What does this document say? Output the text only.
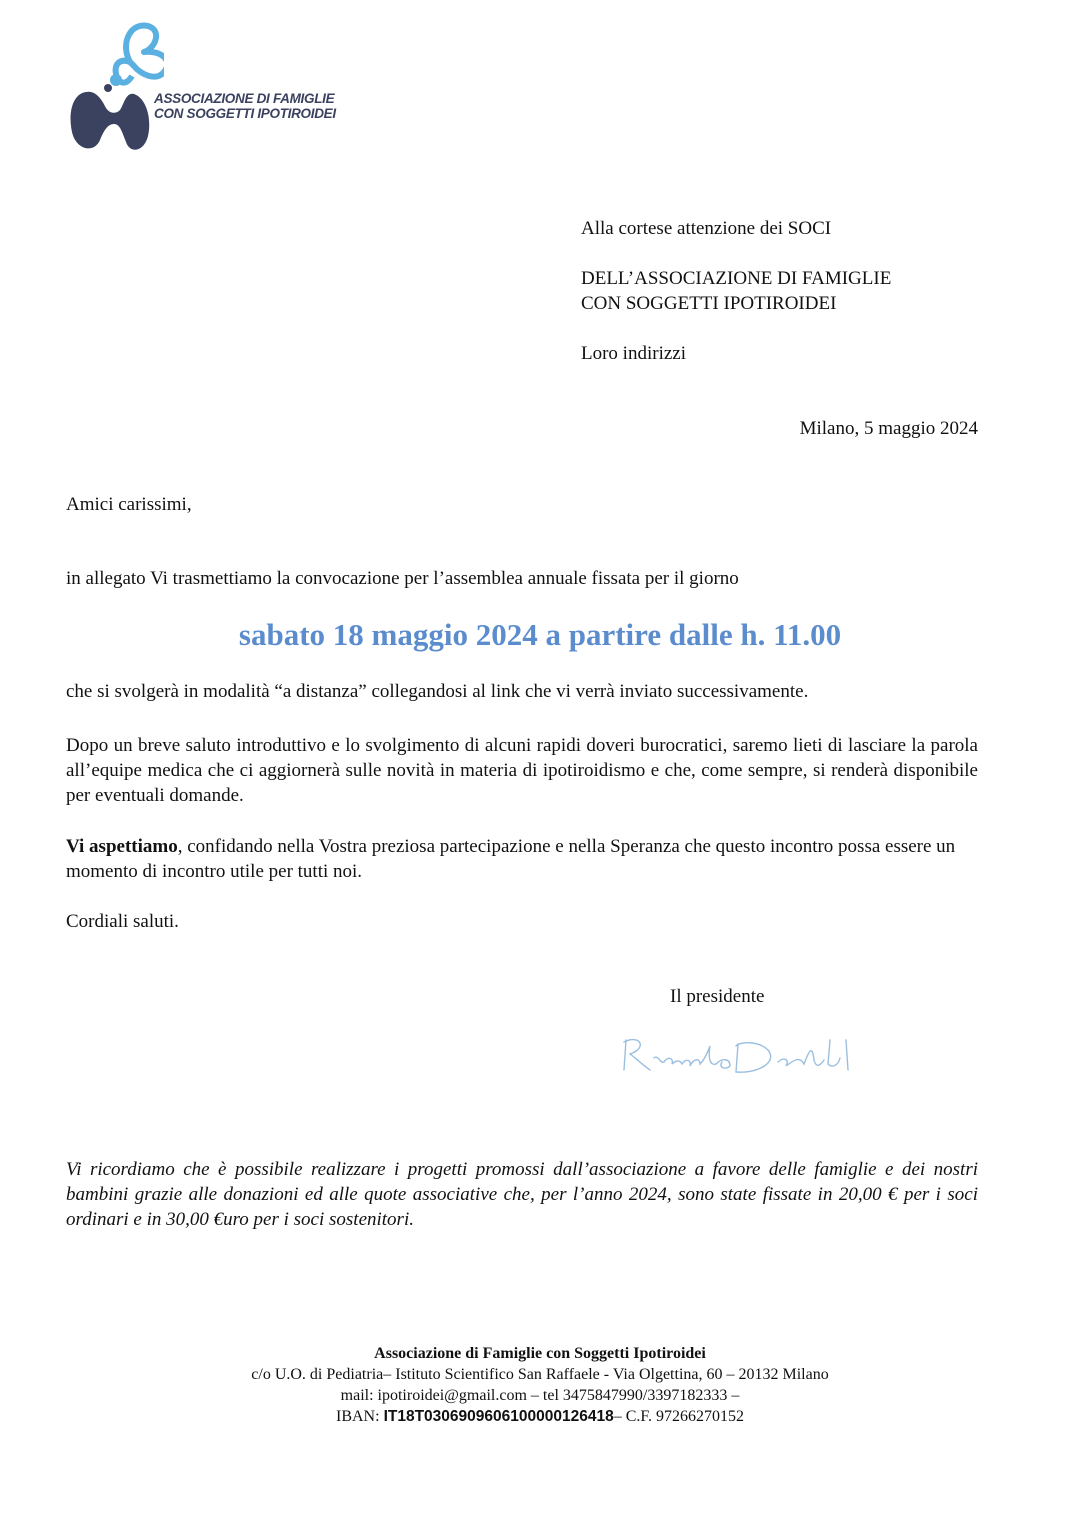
ASSOCIAZIONE DI FAMIGLIE
CON SOGGETTI IPOTIROIDEI
Alla cortese attenzione dei SOCI
DELL’ASSOCIAZIONE DI FAMIGLIE
CON SOGGETTI IPOTIROIDEI
Loro indirizzi
Milano, 5 maggio 2024
Amici carissimi,
in allegato Vi trasmettiamo la convocazione per l’assemblea annuale fissata per il giorno
sabato 18 maggio 2024 a partire dalle h. 11.00
che si svolgerà in modalità “a distanza” collegandosi al link che vi verrà inviato successivamente.
Dopo un breve saluto introduttivo e lo svolgimento di alcuni rapidi doveri burocratici, saremo lieti di lasciare la parola all’equipe medica che ci aggiornerà sulle novità in materia di ipotiroidismo e che, come sempre, si renderà disponibile per eventuali domande.
Vi aspettiamo, confidando nella Vostra preziosa partecipazione e nella Speranza che questo incontro possa essere un momento di incontro utile per tutti noi.
Cordiali saluti.
Il presidente
Vi ricordiamo che è possibile realizzare i progetti promossi dall’associazione a favore delle famiglie e dei nostri bambini grazie alle donazioni ed alle quote associative che, per l’anno 2024, sono state fissate in 20,00 € per i soci ordinari e in 30,00 €uro per i soci sostenitori.
Associazione di Famiglie con Soggetti Ipotiroidei
c/o U.O. di Pediatria– Istituto Scientifico San Raffaele - Via Olgettina, 60 – 20132 Milano
mail: ipotiroidei@gmail.com – tel 3475847990/3397182333 –
IBAN: IT18T0306909606100000126418– C.F. 97266270152
